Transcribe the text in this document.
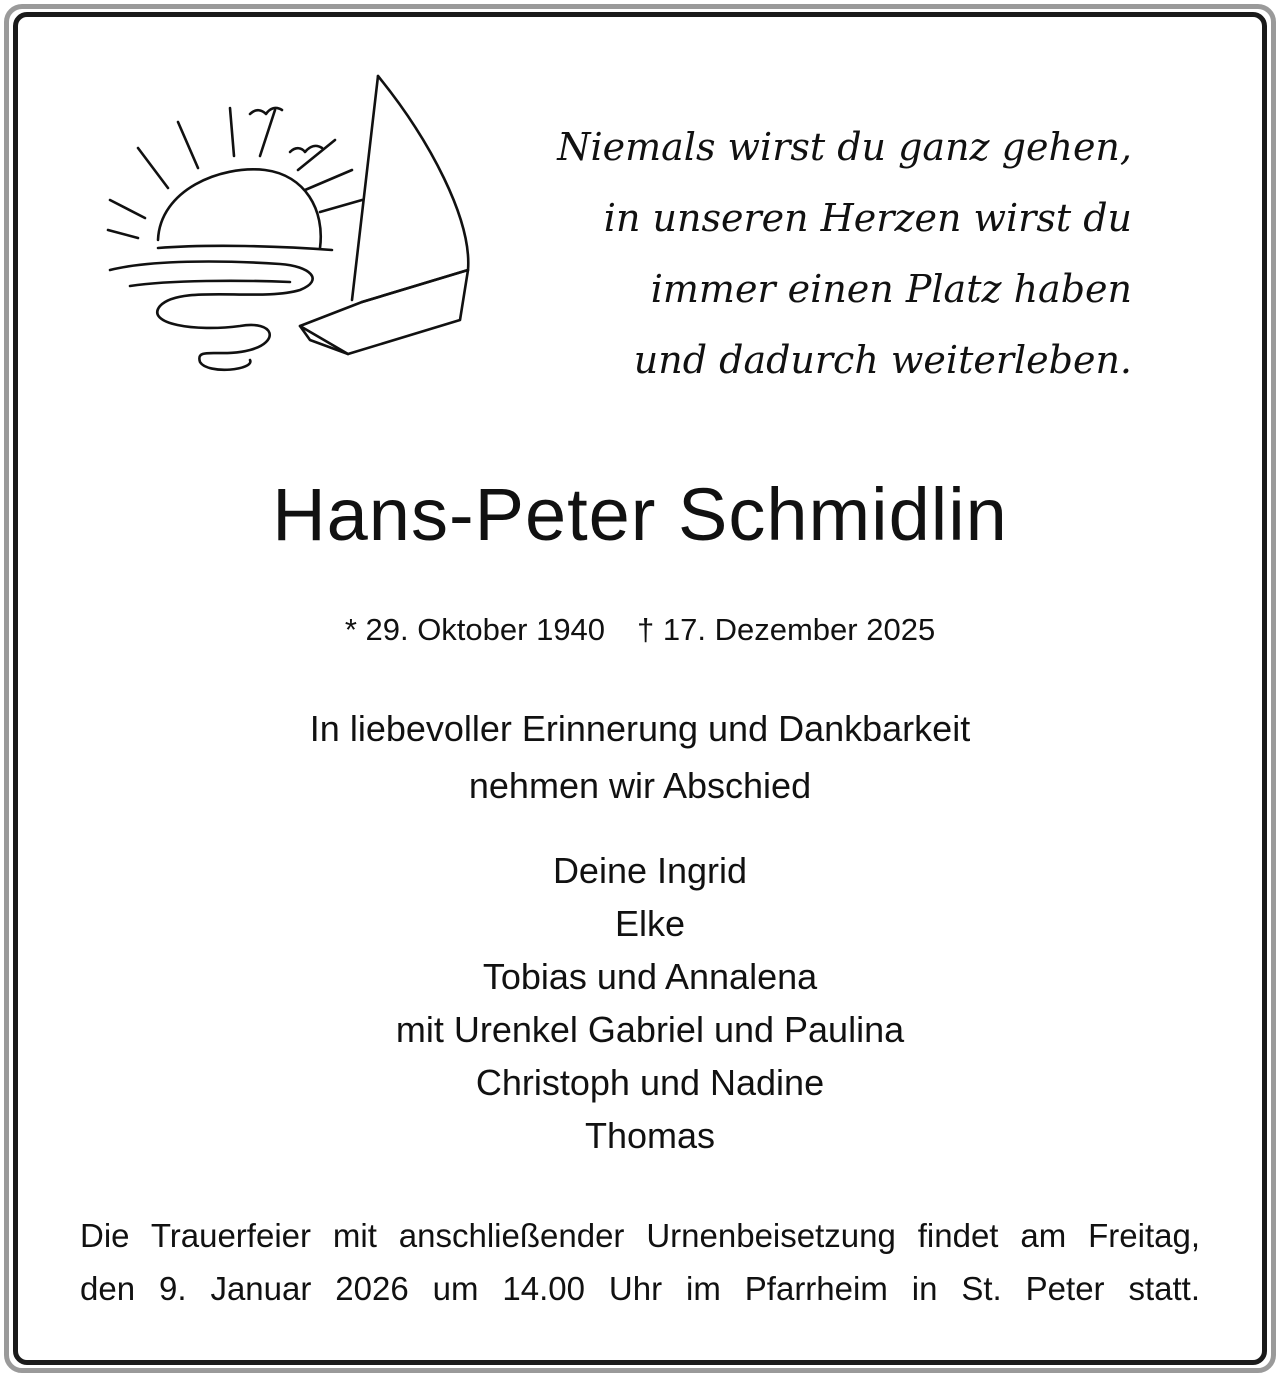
Niemals wirst du ganz gehen,
in unseren Herzen wirst du
immer einen Platz haben
und dadurch weiterleben.
Hans-Peter Schmidlin
* 29. Oktober 1940 † 17. Dezember 2025
In liebevoller Erinnerung und Dankbarkeit
nehmen wir Abschied
Deine Ingrid
Elke
Tobias und Annalena
mit Urenkel Gabriel und Paulina
Christoph und Nadine
Thomas
Die Trauerfeier mit anschließender Urnenbeisetzung findet am Freitag,
den 9. Januar 2026 um 14.00 Uhr im Pfarrheim in St. Peter statt.
